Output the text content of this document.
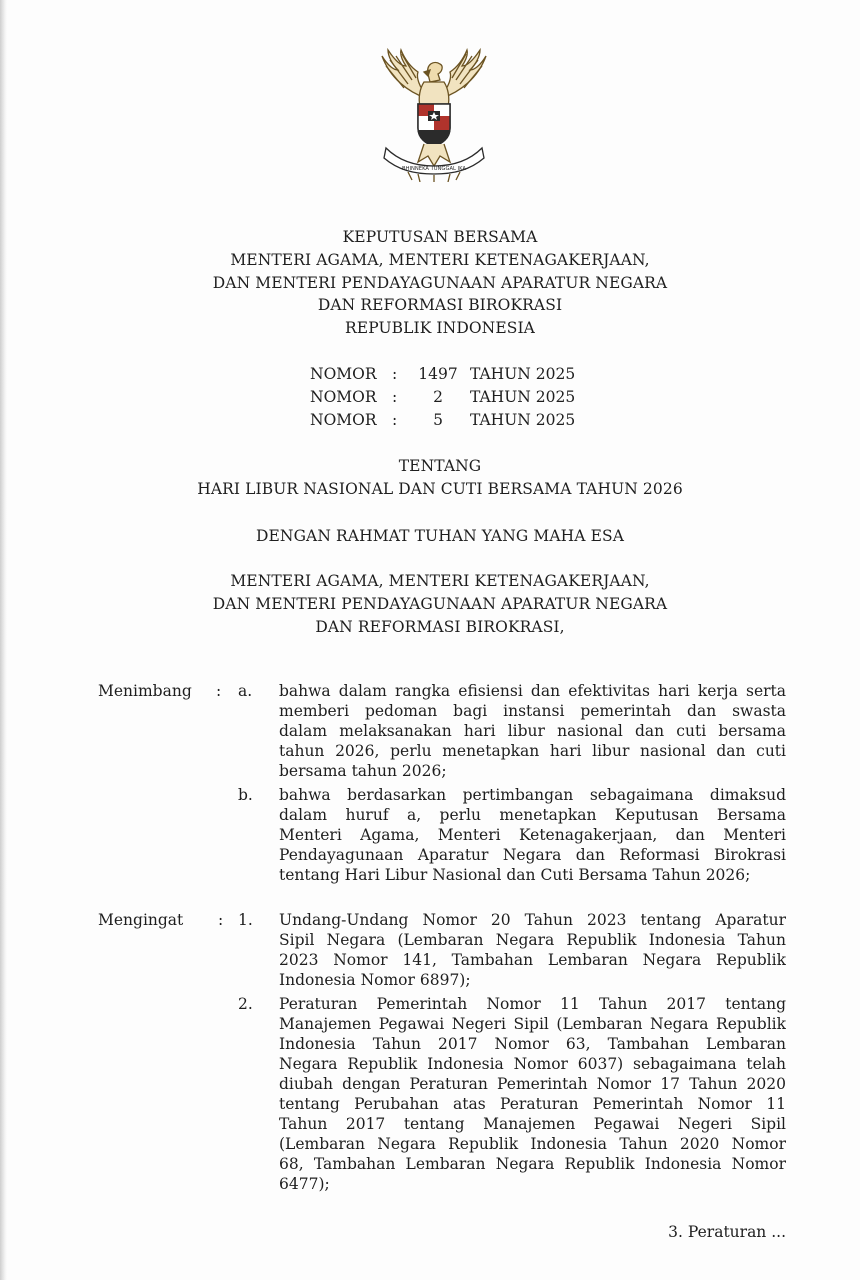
BHINNEKA TUNGGAL IKA
KEPUTUSAN BERSAMA
MENTERI AGAMA, MENTERI KETENAGAKERJAAN,
DAN MENTERI PENDAYAGUNAAN APARATUR NEGARA
DAN REFORMASI BIROKRASI
REPUBLIK INDONESIA
NOMOR :	1497 TAHUN 2025
NOMOR :	2	TAHUN 2025
NOMOR :	5	TAHUN 2025
TENTANG
HARI LIBUR NASIONAL DAN CUTI BERSAMA TAHUN 2026
DENGAN RAHMAT TUHAN YANG MAHA ESA
MENTERI AGAMA, MENTERI KETENAGAKERJAAN,
DAN MENTERI PENDAYAGUNAAN APARATUR NEGARA
DAN REFORMASI BIROKRASI,
Menimbang : a. bahwa dalam rangka efisiensi dan efektivitas hari kerja serta
memberi pedoman bagi instansi pemerintah dan swasta
dalam melaksanakan hari libur nasional dan cuti bersama
tahun 2026, perlu menetapkan hari libur nasional dan cuti
bersama tahun 2026;
b. bahwa berdasarkan pertimbangan sebagaimana dimaksud
dalam huruf a, perlu menetapkan Keputusan Bersama
Menteri Agama, Menteri Ketenagakerjaan, dan Menteri
Pendayagunaan Aparatur Negara dan Reformasi Birokrasi
tentang Hari Libur Nasional dan Cuti Bersama Tahun 2026;
Mengingat : 1. Undang-Undang Nomor 20 Tahun 2023 tentang Aparatur
Sipil Negara (Lembaran Negara Republik Indonesia Tahun
2023 Nomor 141, Tambahan Lembaran Negara Republik
Indonesia Nomor 6897);
2. Peraturan Pemerintah Nomor 11 Tahun 2017 tentang
Manajemen Pegawai Negeri Sipil (Lembaran Negara Republik
Indonesia Tahun 2017 Nomor 63, Tambahan Lembaran
Negara Republik Indonesia Nomor 6037) sebagaimana telah
diubah dengan Peraturan Pemerintah Nomor 17 Tahun 2020
tentang Perubahan atas Peraturan Pemerintah Nomor 11
Tahun 2017 tentang Manajemen Pegawai Negeri Sipil
(Lembaran Negara Republik Indonesia Tahun 2020 Nomor
68, Tambahan Lembaran Negara Republik Indonesia Nomor
6477);
3. Peraturan ...
